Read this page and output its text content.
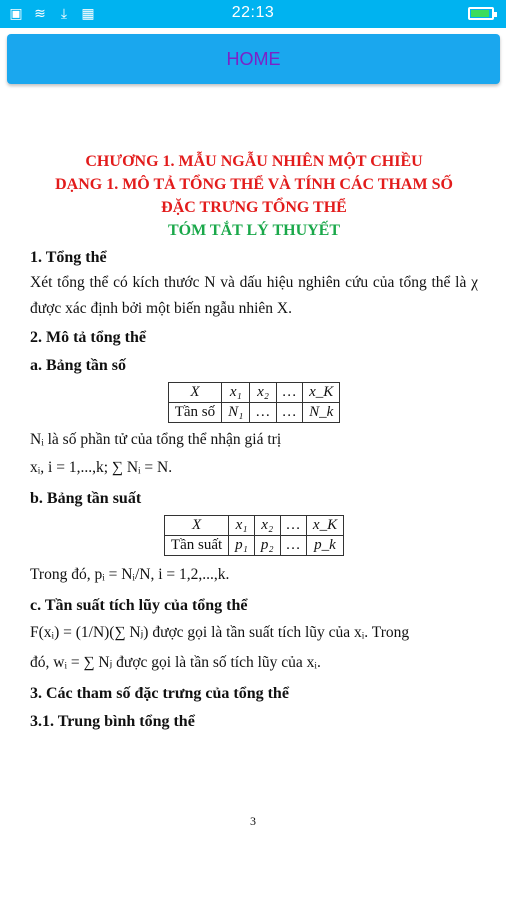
▣ ≋	⤓	▦	22:13
HOME
CHƯƠNG 1. MẪU NGẪU NHIÊN MỘT CHIỀU
DẠNG 1. MÔ TẢ TỔNG THỂ VÀ TÍNH CÁC THAM SỐ
ĐẶC TRƯNG TỔNG THỂ
TÓM TẮT LÝ THUYẾT
1. Tổng thể
Xét tổng thể có kích thước N và dấu hiệu nghiên cứu của tổng thể là χ được xác định bởi một biến ngẫu nhiên X.
2. Mô tả tổng thể
a. Bảng tần số
X	x₁	x₂	…	x_K
Tần số	N₁	…	…	N_k
Nᵢ là số phần tử của tổng thể nhận giá trị
xᵢ, i = 1,...,k; ∑ Nᵢ = N.
b. Bảng tần suất
X	x₁	x₂	…	x_K
Tần suất	p₁	p₂	…	p_k
Trong đó, pᵢ = Nᵢ/N, i = 1,2,...,k.
c. Tần suất tích lũy của tổng thể
F(xᵢ) = (1/N)(∑ Nⱼ) được gọi là tần suất tích lũy của xᵢ. Trong
đó, wᵢ = ∑ Nⱼ được gọi là tần số tích lũy của xᵢ.
3. Các tham số đặc trưng của tổng thể
3.1. Trung bình tổng thể
3
